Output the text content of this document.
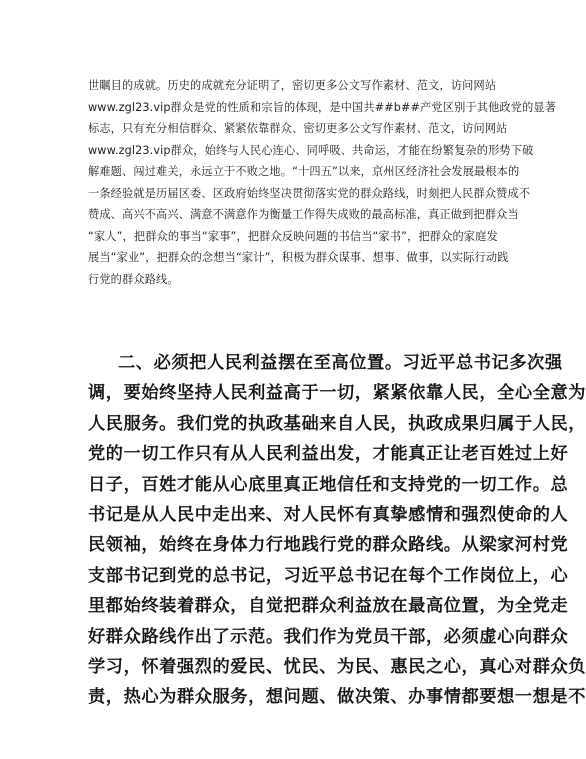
世瞩目的成就。历史的成就充分证明了，密切更多公文写作素材、范文，访问网站
www.zgl23.vip群众是党的性质和宗旨的体现，是中国共##b##产党区别于其他政党的显著
标志，只有充分相信群众、紧紧依靠群众、密切更多公文写作素材、范文，访问网站
www.zgl23.vip群众，始终与人民心连心、同呼吸、共命运，才能在纷繁复杂的形势下破
解难题、闯过难关，永远立于不败之地。“十四五”以来，京州区经济社会发展最根本的
一条经验就是历届区委、区政府始终坚决贯彻落实党的群众路线，时刻把人民群众赞成不
赞成、高兴不高兴、满意不满意作为衡量工作得失成败的最高标准，真正做到把群众当
“家人”，把群众的事当“家事”，把群众反映问题的书信当“家书”，把群众的家庭发
展当“家业”，把群众的念想当“家计”，积极为群众谋事、想事、做事，以实际行动践
行党的群众路线。
二、必须把人民利益摆在至高位置。习近平总书记多次强
调，要始终坚持人民利益高于一切，紧紧依靠人民，全心全意为
人民服务。我们党的执政基础来自人民，执政成果归属于人民，
党的一切工作只有从人民利益出发，才能真正让老百姓过上好
日子，百姓才能从心底里真正地信任和支持党的一切工作。总
书记是从人民中走出来、对人民怀有真挚感情和强烈使命的人
民领袖，始终在身体力行地践行党的群众路线。从梁家河村党
支部书记到党的总书记，习近平总书记在每个工作岗位上，心
里都始终装着群众，自觉把群众利益放在最高位置，为全党走
好群众路线作出了示范。我们作为党员干部，必须虚心向群众
学习，怀着强烈的爱民、忧民、为民、惠民之心，真心对群众负
责，热心为群众服务，想问题、做决策、办事情都要想一想是不
